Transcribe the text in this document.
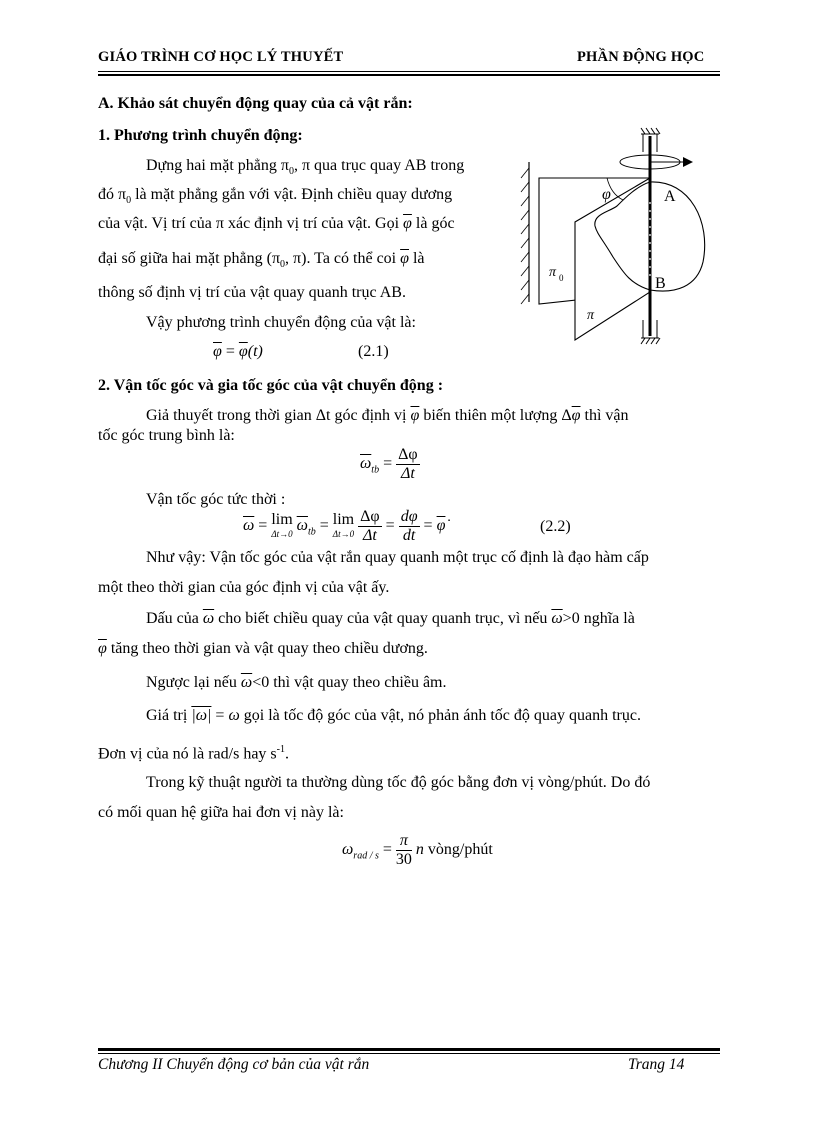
GIÁO TRÌNH CƠ HỌC LÝ THUYẾT	PHẦN ĐỘNG HỌC
A. Khảo sát chuyển động quay của cả vật rắn:
1. Phương trình chuyển động:
Dựng hai mặt phẳng $\pi_0$, π qua trục quay AB trong
đó $\pi_0$ là mặt phẳng gắn với vật. Định chiều quay dương
của vật. Vị trí của π xác định vị trí của vật. Gọi $\overline{\varphi}$ là góc
đại số giữa hai mặt phẳng ($\pi_0$, π). Ta có thể coi $\overline{\varphi}$ là
thông số định vị trí của vật quay quanh trục AB.
Vậy phương trình chuyển động của vật là:
$\overline{\varphi} = \overline{\varphi}(t)$	(2.1)
φ	A
B
π 0
π
2. Vận tốc góc và gia tốc góc của vật chuyển động :
Giả thuyết trong thời gian Δt góc định vị $\overline{\varphi}$ biến thiên một lượng $\Delta\overline{\varphi}$ thì vận
tốc góc trung bình là:
$\overline{\omega}_{tb} = \frac{\Delta\varphi}{\Delta t}$
Vận tốc góc tức thời :
$\overline{\omega} = \lim$
Δt→0 $\overline{\omega}_{tb} = \lim$
Δt→0
$\frac{\Delta\varphi}{\Delta t} = \frac{d\varphi}{dt}$ = φ̇	(2.2)
Như vậy: Vận tốc góc của vật rắn quay quanh một trục cố định là đạo hàm cấp
một theo thời gian của góc định vị của vật ấy.
Dấu của $\overline{\omega}$ cho biết chiều quay của vật quay quanh trục, vì nếu $\overline{\omega}>0$ nghĩa là
$\overline{\varphi}$ tăng theo thời gian và vật quay theo chiều dương.
Ngược lại nếu $\overline{\omega}<0$ thì vật quay theo chiều âm.
Giá trị |ω| = ω gọi là tốc độ góc của vật, nó phản ánh tốc độ quay quanh trục.
Đơn vị của nó là rad/s hay $s^{-1}$.
Trong kỹ thuật người ta thường dùng tốc độ góc bằng đơn vị vòng/phút. Do đó
có mối quan hệ giữa hai đơn vị này là:
$\omega_{rad / s} = \frac{\pi}{30}$ n vòng/phút
Chương II Chuyển động cơ bản của vật rắn	Trang 14
